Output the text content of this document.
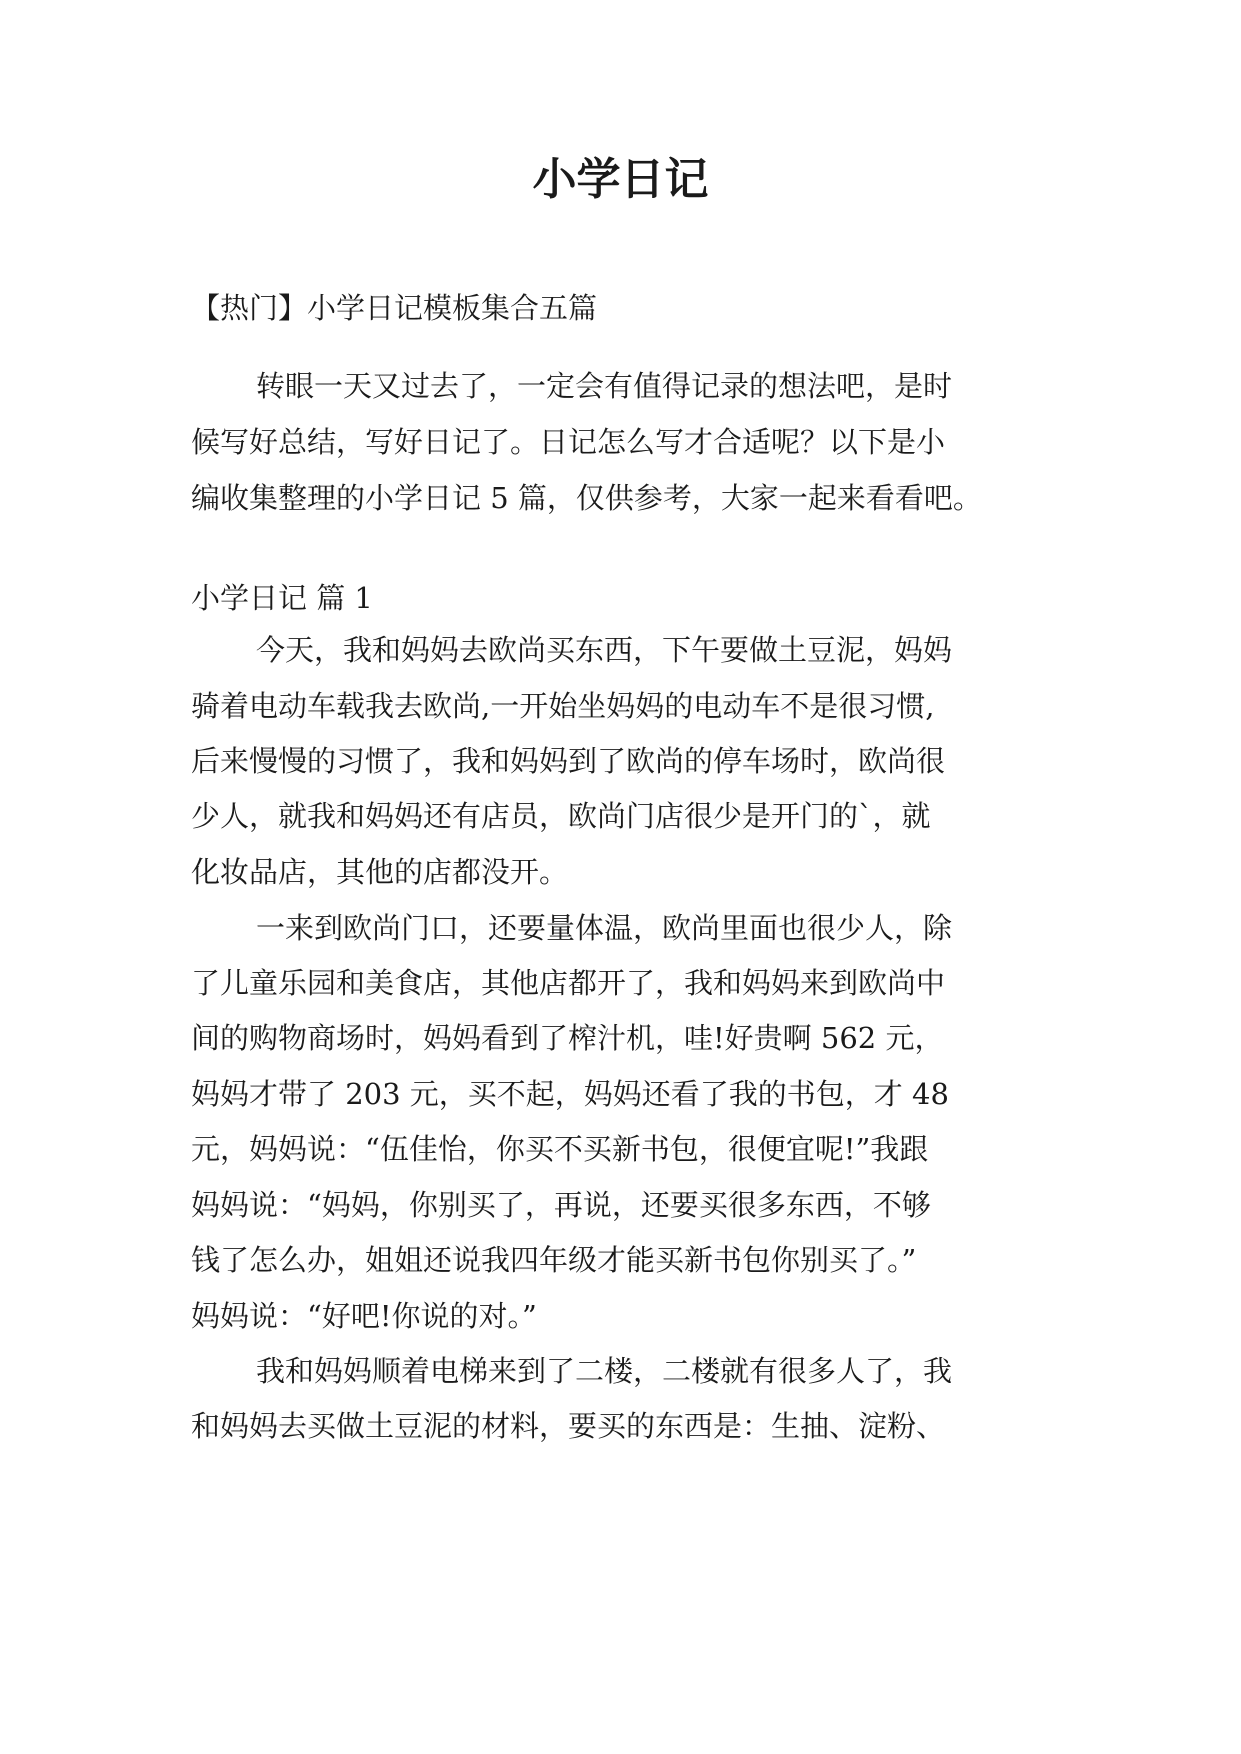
小学日记

【热门】小学日记模板集合五篇

转眼一天又过去了，一定会有值得记录的想法吧，是时

候写好总结，写好日记了。日记怎么写才合适呢？以下是小

编收集整理的小学日记 5 篇，仅供参考，大家一起来看看吧。

小学日记 篇 1

今天，我和妈妈去欧尚买东西，下午要做土豆泥，妈妈

骑着电动车载我去欧尚,一开始坐妈妈的电动车不是很习惯,

后来慢慢的习惯了，我和妈妈到了欧尚的停车场时，欧尚很

少人，就我和妈妈还有店员，欧尚门店很少是开门的`，就

化妆品店，其他的店都没开。

一来到欧尚门口，还要量体温，欧尚里面也很少人，除

了儿童乐园和美食店，其他店都开了，我和妈妈来到欧尚中

间的购物商场时，妈妈看到了榨汁机，哇!好贵啊 562 元，

妈妈才带了 203 元，买不起，妈妈还看了我的书包，才 48

元，妈妈说：“伍佳怡，你买不买新书包，很便宜呢!”我跟

妈妈说：“妈妈，你别买了，再说，还要买很多东西，不够

钱了怎么办，姐姐还说我四年级才能买新书包你别买了。”

妈妈说：“好吧!你说的对。”

我和妈妈顺着电梯来到了二楼，二楼就有很多人了，我

和妈妈去买做土豆泥的材料，要买的东西是：生抽、淀粉、
